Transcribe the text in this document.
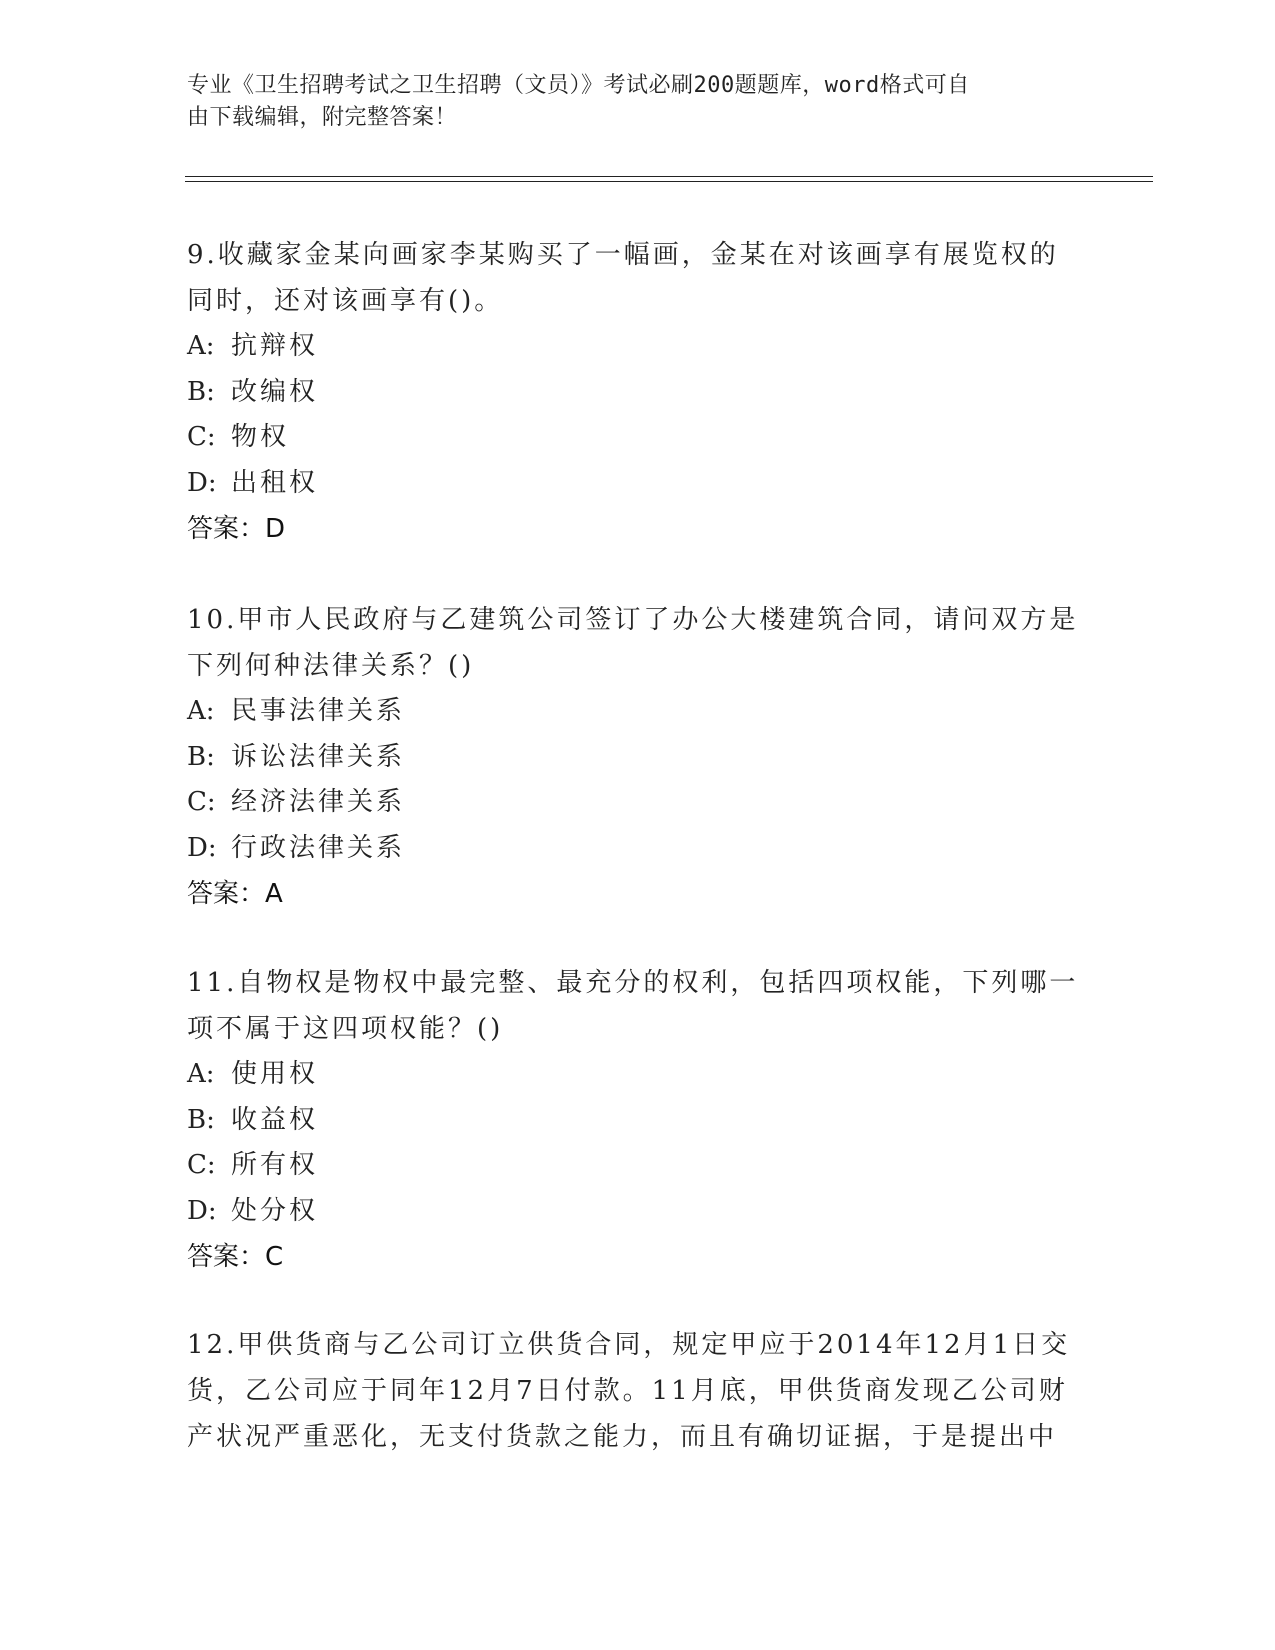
专业《卫生招聘考试之卫生招聘（文员）》考试必刷200题题库，word格式可自
由下载编辑，附完整答案！

9.收藏家金某向画家李某购买了一幅画，金某在对该画享有展览权的
同时，还对该画享有()。

A: 抗辩权
B: 改编权
C: 物权
D: 出租权
答案：D

10.甲市人民政府与乙建筑公司签订了办公大楼建筑合同，请问双方是
下列何种法律关系？()

A: 民事法律关系
B: 诉讼法律关系
C: 经济法律关系
D: 行政法律关系
答案：A

11.自物权是物权中最完整、最充分的权利，包括四项权能，下列哪一
项不属于这四项权能？()

A: 使用权
B: 收益权
C: 所有权
D: 处分权
答案：C

12.甲供货商与乙公司订立供货合同，规定甲应于2014年12月1日交
货，乙公司应于同年12月7日付款。11月底，甲供货商发现乙公司财
产状况严重恶化，无支付货款之能力，而且有确切证据，于是提出中
